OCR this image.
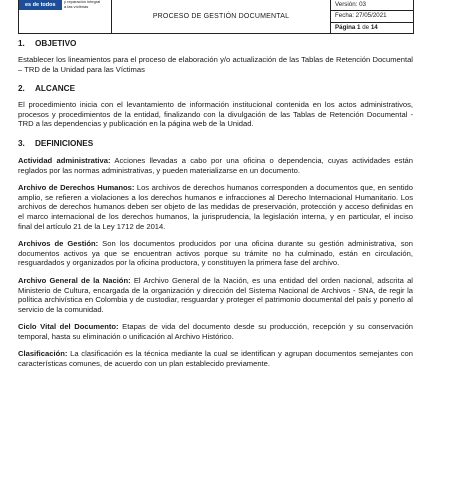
es de todos
y reparación integral
a las víctimas
PROCESO DE GESTIÓN DOCUMENTAL
Versión: 03
Fecha: 27/05/2021
Página 1 de 14
1. OBJETIVO

Establecer los lineamientos para el proceso de elaboración y/o actualización de las Tablas de Retención Documental – TRD de la Unidad para las Víctimas

2. ALCANCE

El procedimiento inicia con el levantamiento de información institucional contenida en los actos administrativos, procesos y procedimientos de la entidad, finalizando con la divulgación de las Tablas de Retención Documental - TRD a las dependencias y publicación en la página web de la Unidad.

3. DEFINICIONES

Actividad administrativa: Acciones llevadas a cabo por una oficina o dependencia, cuyas actividades están reglados por las normas administrativas, y pueden materializarse en un documento.

Archivo de Derechos Humanos: Los archivos de derechos humanos corresponden a documentos que, en sentido amplio, se refieren a violaciones a los derechos humanos e infracciones al Derecho Internacional Humanitario. Los archivos de derechos humanos deben ser objeto de las medidas de preservación, protección y acceso definidas en el marco internacional de los derechos humanos, la jurisprudencia, la legislación interna, y en particular, el inciso final del artículo 21 de la Ley 1712 de 2014.

Archivos de Gestión: Son los documentos producidos por una oficina durante su gestión administrativa, son documentos activos ya que se encuentran activos porque su trámite no ha culminado, están en circulación, resguardados y organizados por la oficina productora, y constituyen la primera fase del archivo.

Archivo General de la Nación: El Archivo General de la Nación, es una entidad del orden nacional, adscrita al Ministerio de Cultura, encargada de la organización y dirección del Sistema Nacional de Archivos - SNA, de regir la política archivística en Colombia y de custodiar, resguardar y proteger el patrimonio documental del país y ponerlo al servicio de la comunidad.

Ciclo Vital del Documento: Etapas de vida del documento desde su producción, recepción y su conservación temporal, hasta su eliminación o unificación al Archivo Histórico.

Clasificación: La clasificación es la técnica mediante la cual se identifican y agrupan documentos semejantes con características comunes, de acuerdo con un plan establecido previamente.
